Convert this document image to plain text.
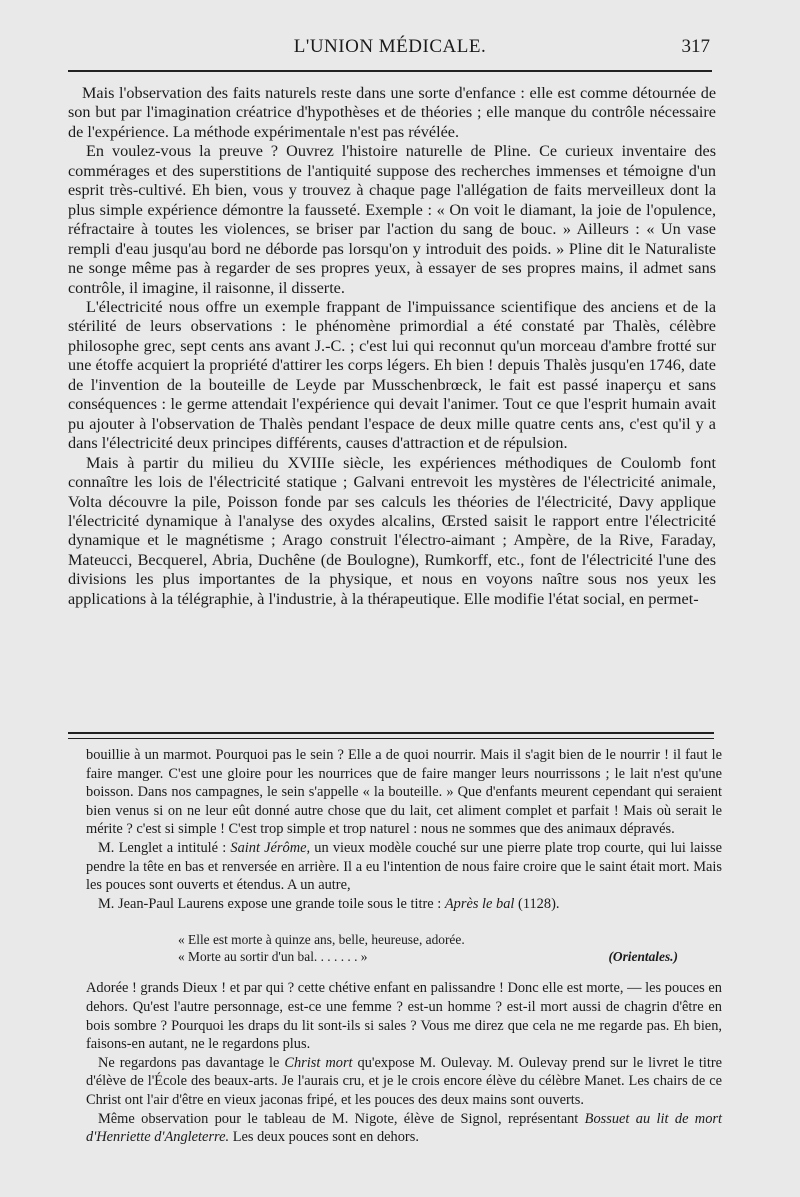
L'UNION MÉDICALE.	317

Mais l'observation des faits naturels reste dans une sorte d'enfance : elle est comme détournée de son but par l'imagination créatrice d'hypothèses et de théories ; elle manque du contrôle nécessaire de l'expérience. La méthode expérimentale n'est pas révélée.

En voulez-vous la preuve ? Ouvrez l'histoire naturelle de Pline. Ce curieux inventaire des commérages et des superstitions de l'antiquité suppose des recherches immenses et témoigne d'un esprit très-cultivé. Eh bien, vous y trouvez à chaque page l'allégation de faits merveilleux dont la plus simple expérience démontre la fausseté. Exemple : « On voit le diamant, la joie de l'opulence, réfractaire à toutes les violences, se briser par l'action du sang de bouc. » Ailleurs : « Un vase rempli d'eau jusqu'au bord ne déborde pas lorsqu'on y introduit des poids. » Pline dit le Naturaliste ne songe même pas à regarder de ses propres yeux, à essayer de ses propres mains, il admet sans contrôle, il imagine, il raisonne, il disserte.

L'électricité nous offre un exemple frappant de l'impuissance scientifique des anciens et de la stérilité de leurs observations : le phénomène primordial a été constaté par Thalès, célèbre philosophe grec, sept cents ans avant J.-C. ; c'est lui qui reconnut qu'un morceau d'ambre frotté sur une étoffe acquiert la propriété d'attirer les corps légers. Eh bien ! depuis Thalès jusqu'en 1746, date de l'invention de la bouteille de Leyde par Musschenbrœck, le fait est passé inaperçu et sans conséquences : le germe attendait l'expérience qui devait l'animer. Tout ce que l'esprit humain avait pu ajouter à l'observation de Thalès pendant l'espace de deux mille quatre cents ans, c'est qu'il y a dans l'électricité deux principes différents, causes d'attraction et de répulsion.

Mais à partir du milieu du XVIIIe siècle, les expériences méthodiques de Coulomb font connaître les lois de l'électricité statique ; Galvani entrevoit les mystères de l'électricité animale, Volta découvre la pile, Poisson fonde par ses calculs les théories de l'électricité, Davy applique l'électricité dynamique à l'analyse des oxydes alcalins, Œrsted saisit le rapport entre l'électricité dynamique et le magnétisme ; Arago construit l'électro-aimant ; Ampère, de la Rive, Faraday, Mateucci, Becquerel, Abria, Duchêne (de Boulogne), Rumkorff, etc., font de l'électricité l'une des divisions les plus importantes de la physique, et nous en voyons naître sous nos yeux les applications à la télégraphie, à l'industrie, à la thérapeutique. Elle modifie l'état social, en permet-

bouillie à un marmot. Pourquoi pas le sein ? Elle a de quoi nourrir. Mais il s'agit bien de le nourrir ! il faut le faire manger. C'est une gloire pour les nourrices que de faire manger leurs nourrissons ; le lait n'est qu'une boisson. Dans nos campagnes, le sein s'appelle « la bouteille. » Que d'enfants meurent cependant qui seraient bien venus si on ne leur eût donné autre chose que du lait, cet aliment complet et parfait ! Mais où serait le mérite ? c'est si simple ! C'est trop simple et trop naturel : nous ne sommes que des animaux dépravés.

M. Lenglet a intitulé : Saint Jérôme, un vieux modèle couché sur une pierre plate trop courte, qui lui laisse pendre la tête en bas et renversée en arrière. Il a eu l'intention de nous faire croire que le saint était mort. Mais les pouces sont ouverts et étendus. A un autre,

M. Jean-Paul Laurens expose une grande toile sous le titre : Après le bal (1128).

« Elle est morte à quinze ans, belle, heureuse, adorée.
« Morte au sortir d'un bal. . . . . . . »	(Orientales.)

Adorée ! grands Dieux ! et par qui ? cette chétive enfant en palissandre ! Donc elle est morte, — les pouces en dehors. Qu'est l'autre personnage, est-ce une femme ? est-un homme ? est-il mort aussi de chagrin d'être en bois sombre ? Pourquoi les draps du lit sont-ils si sales ? Vous me direz que cela ne me regarde pas. Eh bien, faisons-en autant, ne le regardons plus.

Ne regardons pas davantage le Christ mort qu'expose M. Oulevay. M. Oulevay prend sur le livret le titre d'élève de l'École des beaux-arts. Je l'aurais cru, et je le crois encore élève du célèbre Manet. Les chairs de ce Christ ont l'air d'être en vieux jaconas fripé, et les pouces des deux mains sont ouverts.

Même observation pour le tableau de M. Nigote, élève de Signol, représentant Bossuet au lit de mort d'Henriette d'Angleterre. Les deux pouces sont en dehors.
